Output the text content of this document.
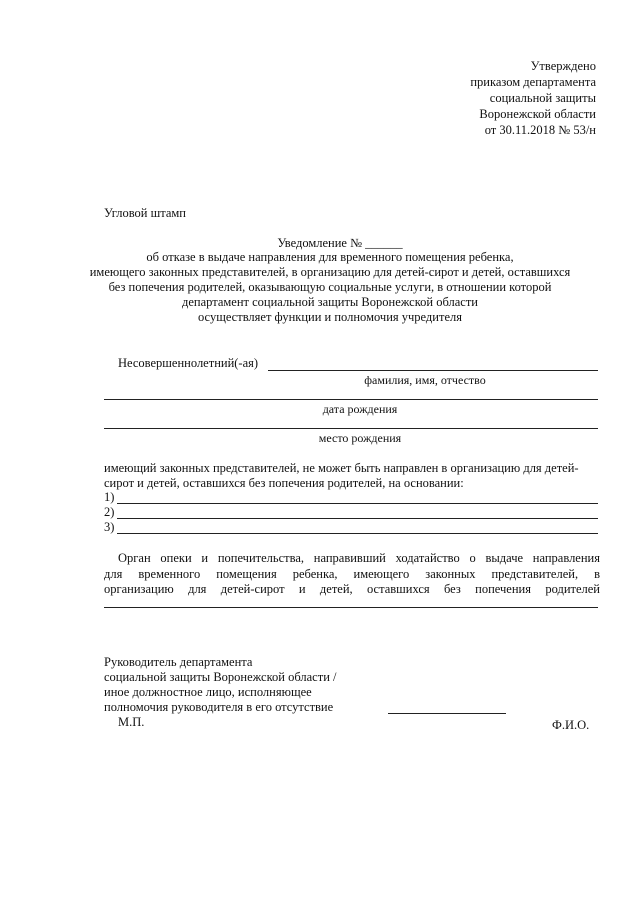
Утверждено
приказом департамента
социальной защиты
Воронежской области
от 30.11.2018 № 53/н
Угловой штамп
Уведомление № ______
об отказе в выдаче направления для временного помещения ребенка,
имеющего законных представителей, в организацию для детей-сирот и детей, оставшихся
без попечения родителей, оказывающую социальные услуги, в отношении которой
департамент социальной защиты Воронежской области
осуществляет функции и полномочия учредителя
Несовершеннолетний(-ая)
фамилия, имя, отчество
дата рождения
место рождения
имеющий законных представителей, не может быть направлен в организацию для детей-
сирот и детей, оставшихся без попечения родителей, на основании:
1)
2)
3)
Орган опеки и попечительства, направивший ходатайство о выдаче направления
для временного помещения ребенка, имеющего законных представителей, в
организацию для детей-сирот и детей, оставшихся без попечения родителей
Руководитель департамента
социальной защиты Воронежской области /
иное должностное лицо, исполняющее
полномочия руководителя в его отсутствие
М.П.	Ф.И.О.
